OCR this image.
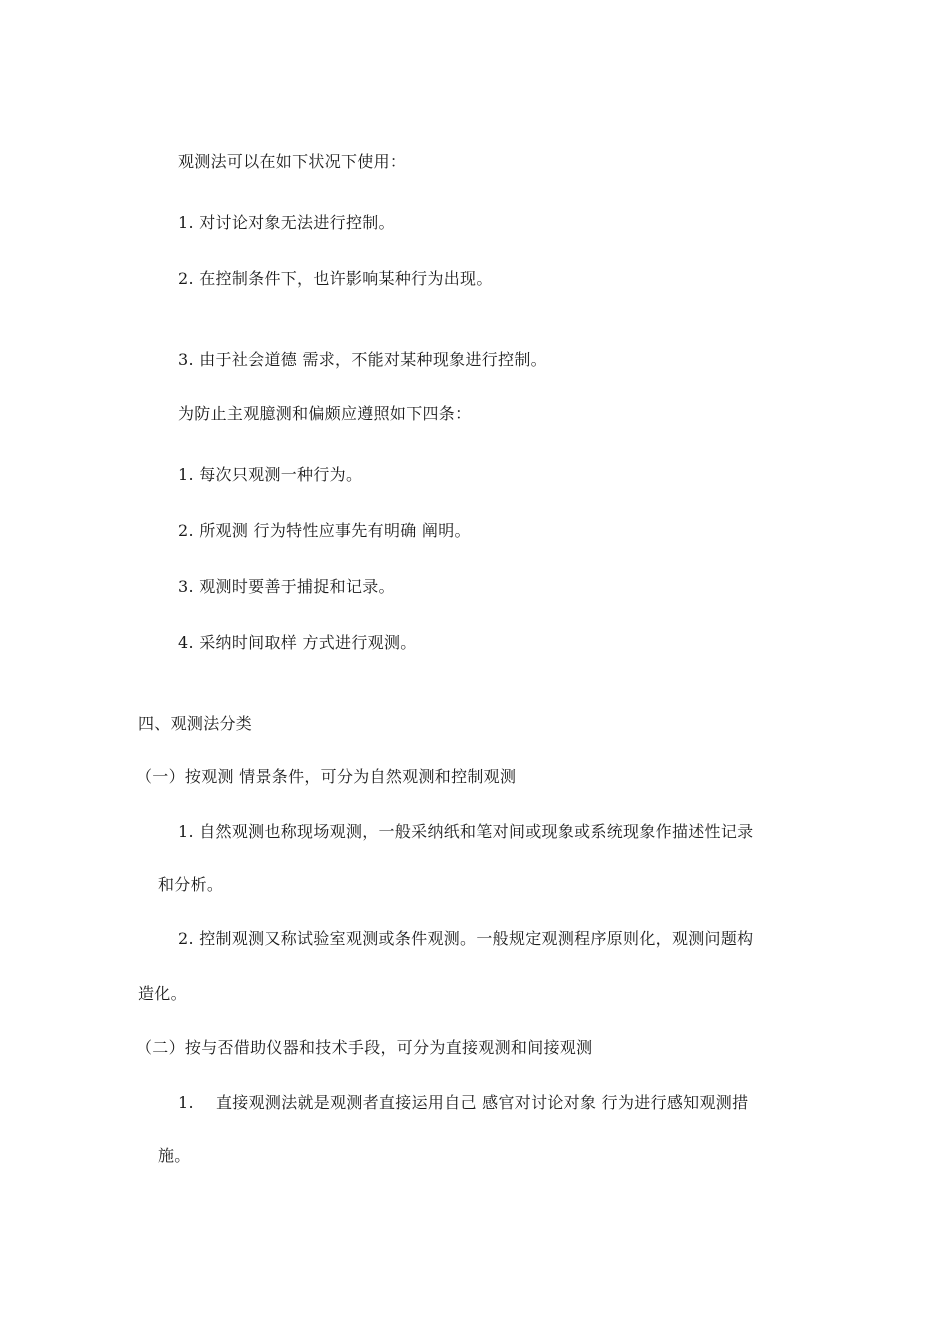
观测法可以在如下状况下使用：
1. 对讨论对象无法进行控制。
2. 在控制条件下，也许影响某种行为出现。
3. 由于社会道德 需求，不能对某种现象进行控制。
为防止主观臆测和偏颇应遵照如下四条：
1. 每次只观测一种行为。
2. 所观测 行为特性应事先有明确 阐明。
3. 观测时要善于捕捉和记录。
4. 采纳时间取样 方式进行观测。
四、观测法分类
（一）按观测 情景条件，可分为自然观测和控制观测
1. 自然观测也称现场观测，一般采纳纸和笔对间或现象或系统现象作描述性记录
和分析。
2. 控制观测又称试验室观测或条件观测。一般规定观测程序原则化，观测问题构
造化。
（二）按与否借助仪器和技术手段，可分为直接观测和间接观测
1. 直接观测法就是观测者直接运用自己 感官对讨论对象 行为进行感知观测措
施。
